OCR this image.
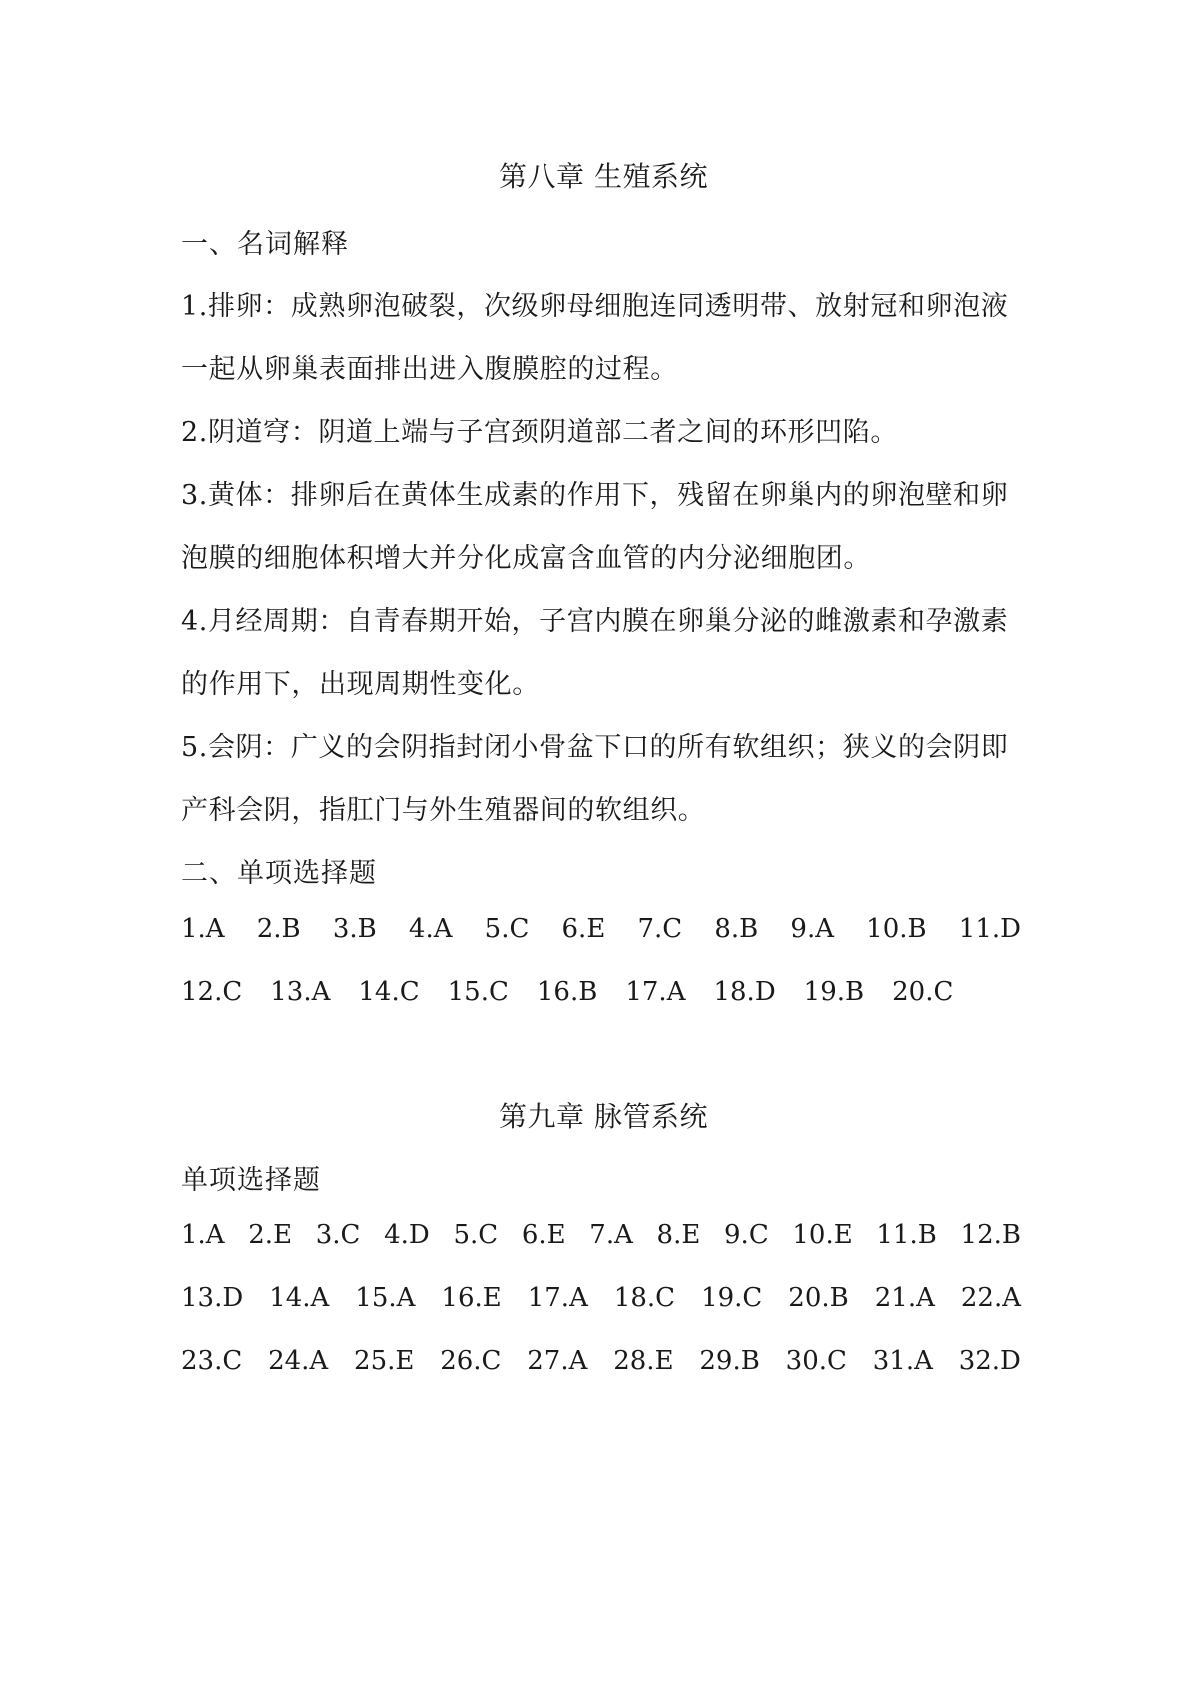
第八章 生殖系统
一、名词解释
1.排卵：成熟卵泡破裂，次级卵母细胞连同透明带、放射冠和卵泡液
一起从卵巢表面排出进入腹膜腔的过程。
2.阴道穹：阴道上端与子宫颈阴道部二者之间的环形凹陷。
3.黄体：排卵后在黄体生成素的作用下，残留在卵巢内的卵泡壁和卵
泡膜的细胞体积增大并分化成富含血管的内分泌细胞团。
4.月经周期：自青春期开始，子宫内膜在卵巢分泌的雌激素和孕激素
的作用下，出现周期性变化。
5.会阴：广义的会阴指封闭小骨盆下口的所有软组织；狭义的会阴即
产科会阴，指肛门与外生殖器间的软组织。
二、单项选择题
1.A 2.B 3.B 4.A 5.C 6.E 7.C 8.B 9.A 10.B 11.D
12.C 13.A 14.C 15.C 16.B 17.A 18.D 19.B 20.C
第九章 脉管系统
单项选择题
1.A 2.E 3.C 4.D 5.C 6.E 7.A 8.E 9.C 10.E 11.B 12.B
13.D 14.A 15.A 16.E 17.A 18.C 19.C 20.B 21.A 22.A
23.C 24.A 25.E 26.C 27.A 28.E 29.B 30.C 31.A 32.D
